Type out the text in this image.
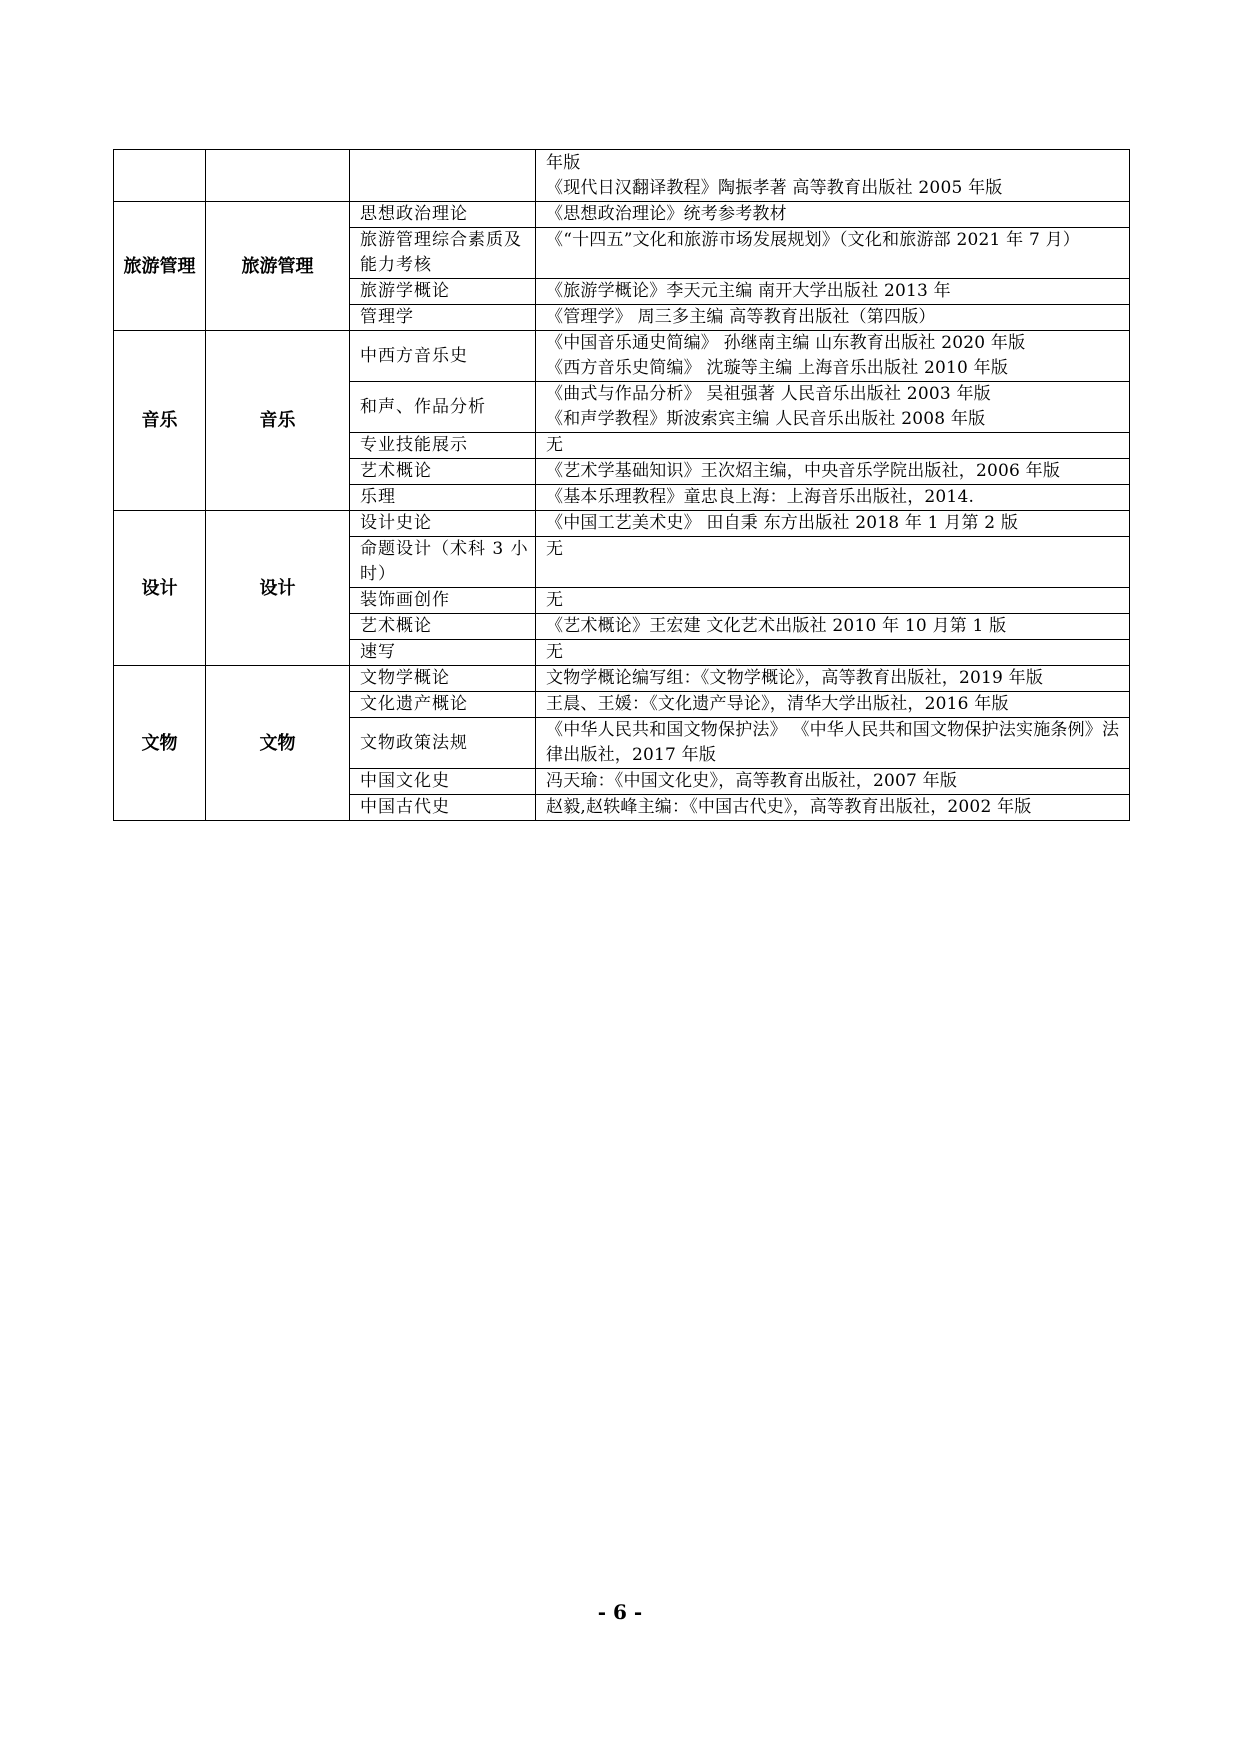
			年版
《现代日汉翻译教程》陶振孝著 高等教育出版社 2005 年版

旅游管理	旅游管理	思想政治理论	《思想政治理论》统考参考教材

		旅游管理综合素质及能力考核	《“十四五”文化和旅游市场发展规划》（文化和旅游部 2021 年 7 月）

		旅游学概论	《旅游学概论》李天元主编 南开大学出版社 2013 年

		管理学	《管理学》 周三多主编 高等教育出版社（第四版）

音乐	音乐	中西方音乐史	《中国音乐通史简编》 孙继南主编 山东教育出版社 2020 年版
《西方音乐史简编》 沈璇等主编 上海音乐出版社 2010 年版

		和声、作品分析	《曲式与作品分析》 吴祖强著 人民音乐出版社 2003 年版
《和声学教程》斯波索宾主编 人民音乐出版社 2008 年版

		专业技能展示	无

		艺术概论	《艺术学基础知识》王次炤主编，中央音乐学院出版社，2006 年版

		乐理	《基本乐理教程》童忠良上海：上海音乐出版社，2014.

设计	设计	设计史论	《中国工艺美术史》 田自秉 东方出版社 2018 年 1 月第 2 版

		命题设计（术科 3 小时）	无

		装饰画创作	无

		艺术概论	《艺术概论》王宏建 文化艺术出版社 2010 年 10 月第 1 版

		速写	无

文物	文物	文物学概论	文物学概论编写组：《文物学概论》，高等教育出版社，2019 年版

		文化遗产概论	王晨、王媛：《文化遗产导论》，清华大学出版社，2016 年版

		文物政策法规	《中华人民共和国文物保护法》 《中华人民共和国文物保护法实施条例》法律出版社，2017 年版

		中国文化史	冯天瑜：《中国文化史》，高等教育出版社，2007 年版

		中国古代史	赵毅,赵轶峰主编：《中国古代史》，高等教育出版社，2002 年版
- 6 -
